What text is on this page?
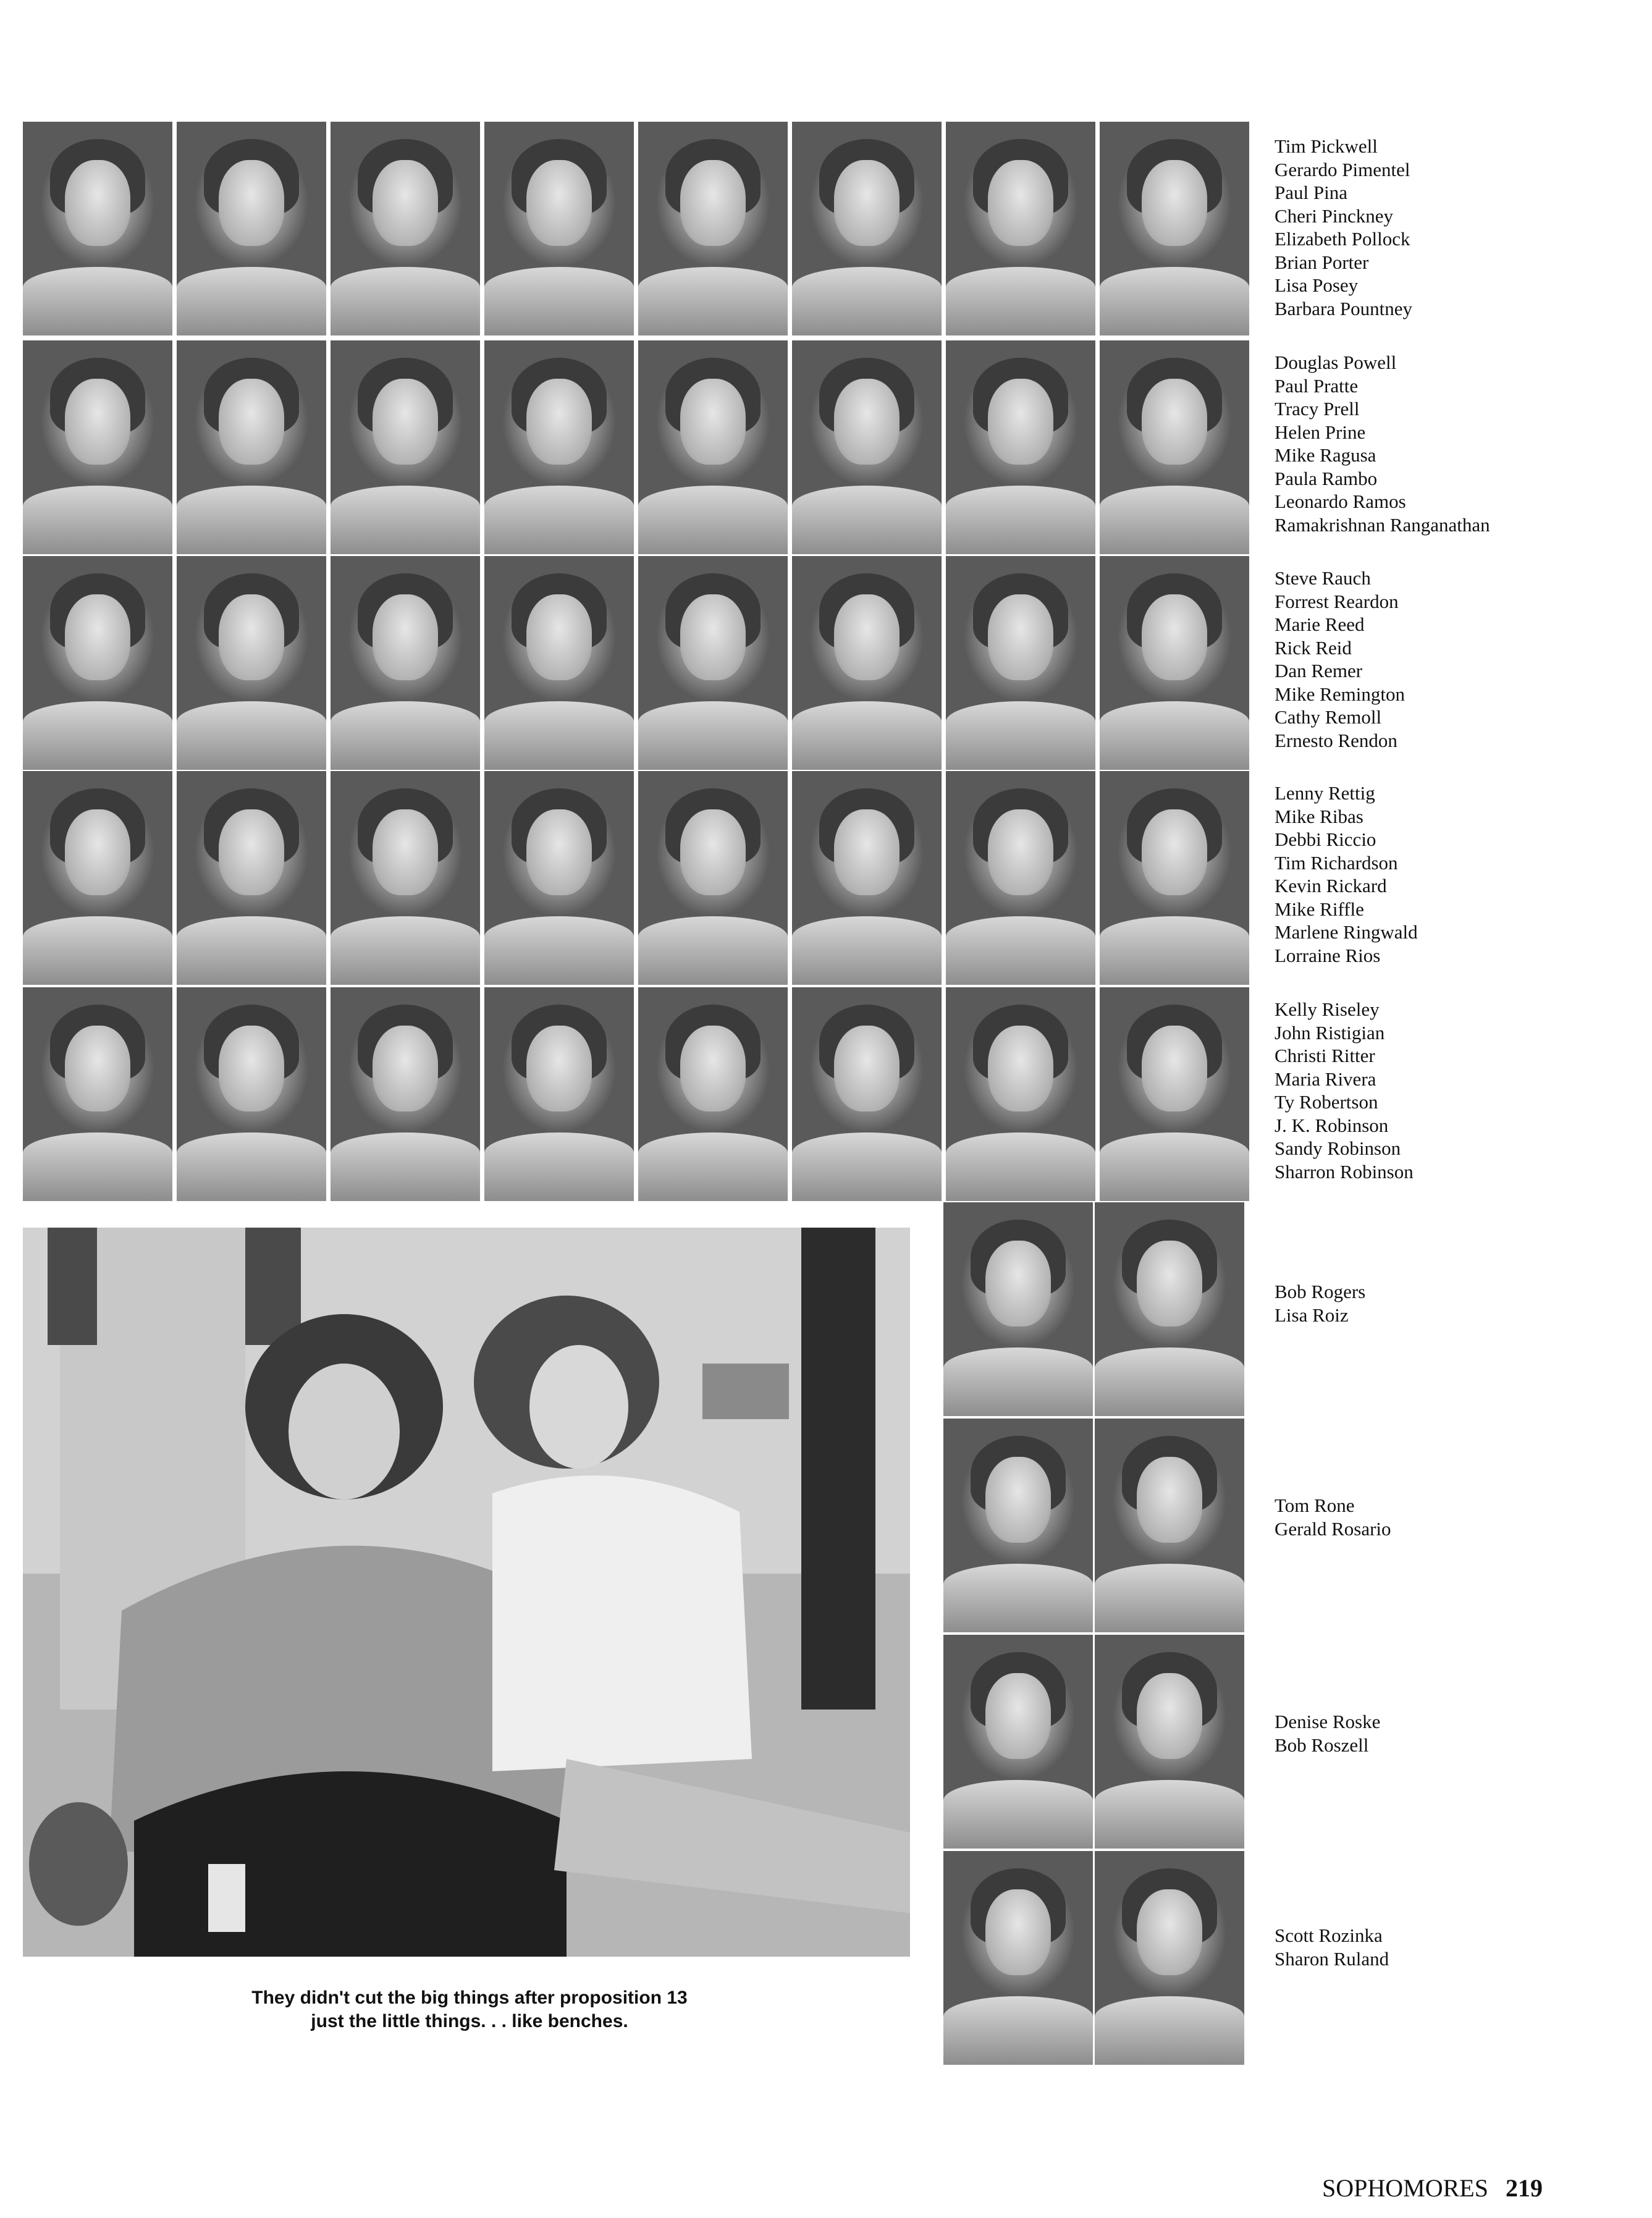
Tim Pickwell
Gerardo Pimentel
Paul Pina
Cheri Pinckney
Elizabeth Pollock
Brian Porter
Lisa Posey
Barbara Pountney
Douglas Powell
Paul Pratte
Tracy Prell
Helen Prine
Mike Ragusa
Paula Rambo
Leonardo Ramos
Ramakrishnan Ranganathan
Steve Rauch
Forrest Reardon
Marie Reed
Rick Reid
Dan Remer
Mike Remington
Cathy Remoll
Ernesto Rendon
Lenny Rettig
Mike Ribas
Debbi Riccio
Tim Richardson
Kevin Rickard
Mike Riffle
Marlene Ringwald
Lorraine Rios
Kelly Riseley
John Ristigian
Christi Ritter
Maria Rivera
Ty Robertson
J. K. Robinson
Sandy Robinson
Sharron Robinson
Bob Rogers
Lisa Roiz
Tom Rone
Gerald Rosario
Denise Roske
Bob Roszell
Scott Rozinka
Sharon Ruland
They didn't cut the big things after proposition 13
just the little things. . . like benches.
SOPHOMORES 219
